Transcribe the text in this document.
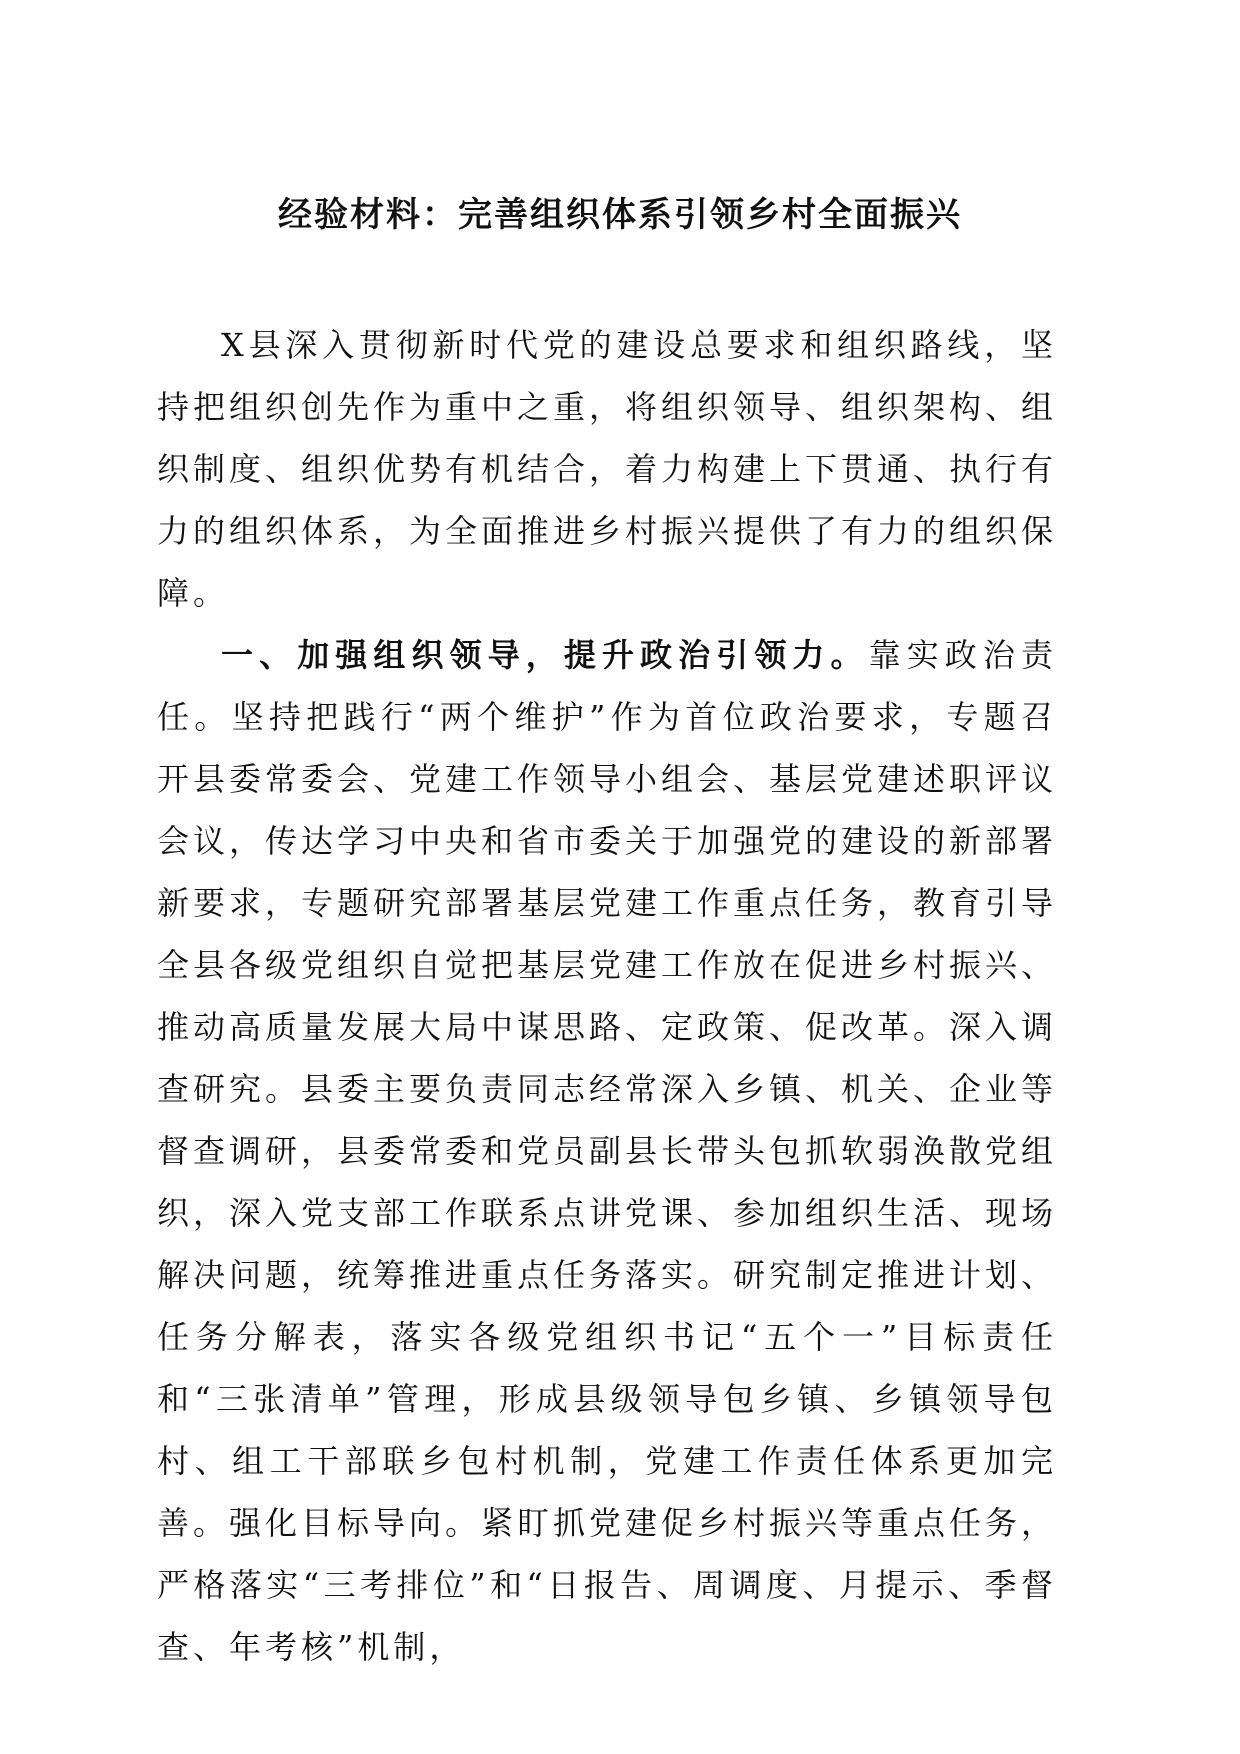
经验材料：完善组织体系引领乡村全面振兴

X县深入贯彻新时代党的建设总要求和组织路线，坚持把组织创先作为重中之重，将组织领导、组织架构、组织制度、组织优势有机结合，着力构建上下贯通、执行有力的组织体系，为全面推进乡村振兴提供了有力的组织保障。

一、加强组织领导，提升政治引领力。靠实政治责任。坚持把践行“两个维护”作为首位政治要求，专题召开县委常委会、党建工作领导小组会、基层党建述职评议会议，传达学习中央和省市委关于加强党的建设的新部署新要求，专题研究部署基层党建工作重点任务，教育引导全县各级党组织自觉把基层党建工作放在促进乡村振兴、推动高质量发展大局中谋思路、定政策、促改革。深入调查研究。县委主要负责同志经常深入乡镇、机关、企业等督查调研，县委常委和党员副县长带头包抓软弱涣散党组织，深入党支部工作联系点讲党课、参加组织生活、现场解决问题，统筹推进重点任务落实。研究制定推进计划、任务分解表，落实各级党组织书记“五个一”目标责任和“三张清单”管理，形成县级领导包乡镇、乡镇领导包村、组工干部联乡包村机制，党建工作责任体系更加完善。强化目标导向。紧盯抓党建促乡村振兴等重点任务，严格落实“三考排位”和“日报告、周调度、月提示、季督查、年考核”机制，
